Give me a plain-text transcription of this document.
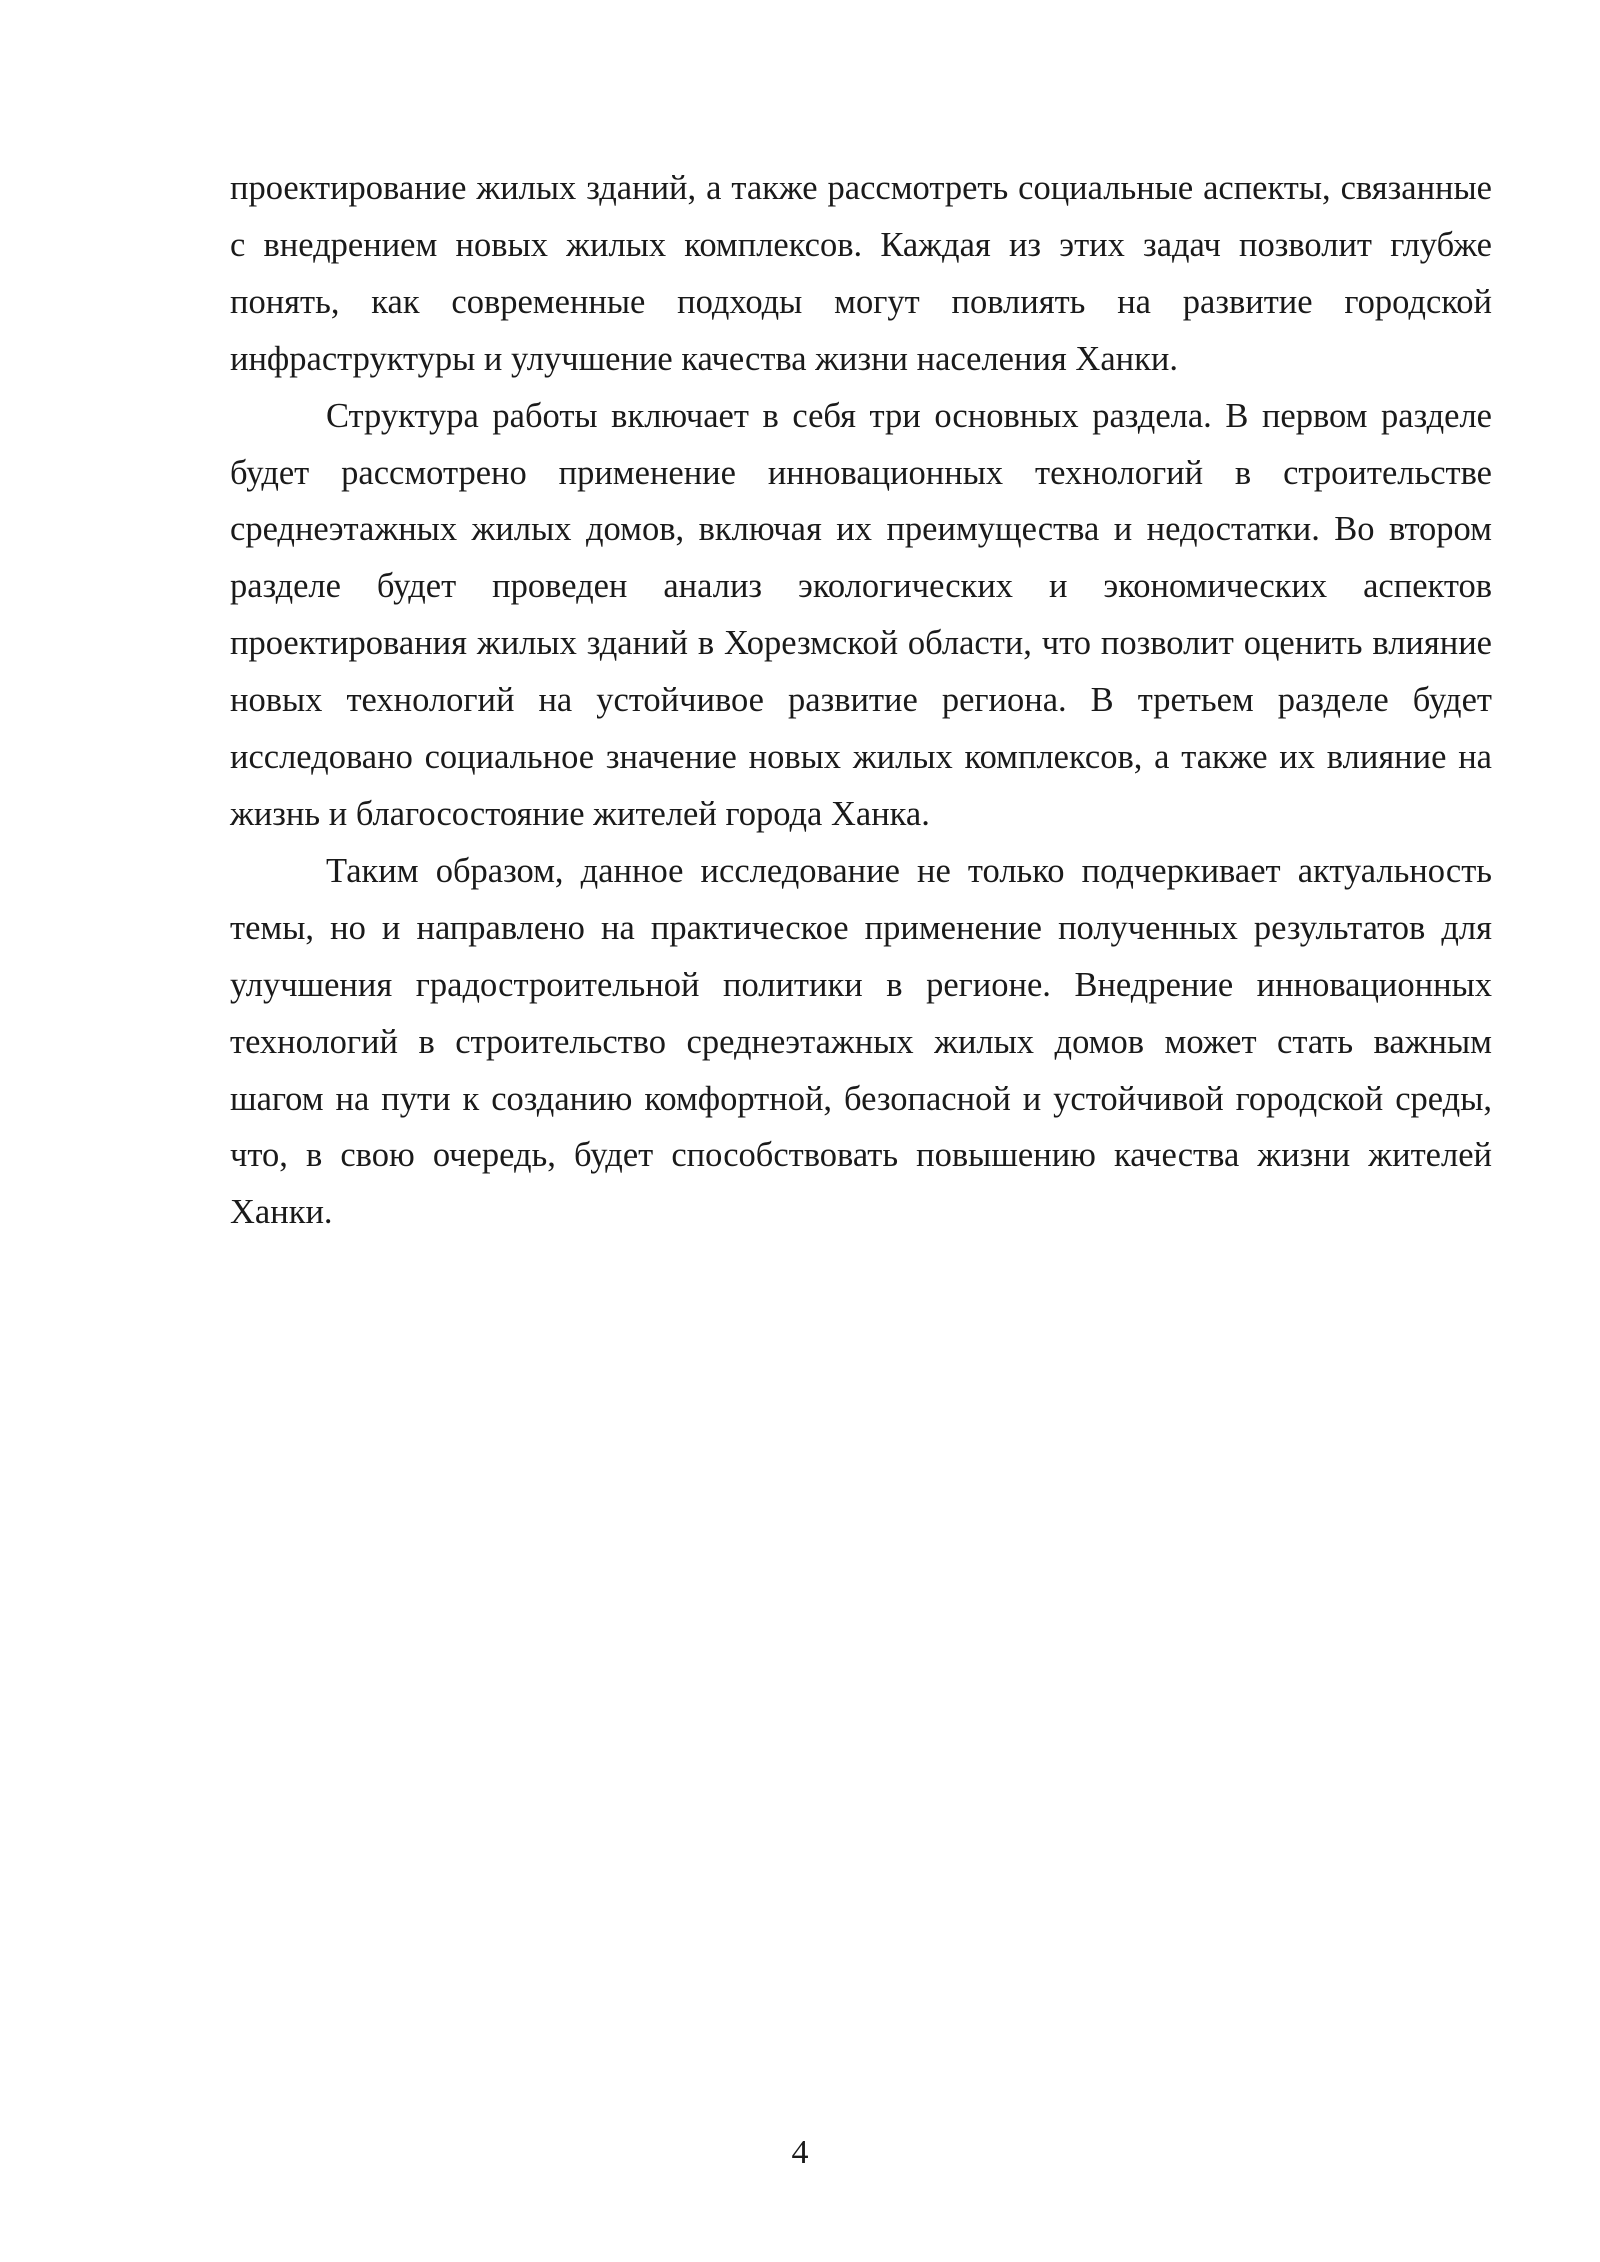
проектирование жилых зданий, а также рассмотреть социальные аспекты, связанные с внедрением новых жилых комплексов. Каждая из этих задач позволит глубже понять, как современные подходы могут повлиять на развитие городской инфраструктуры и улучшение качества жизни населения Ханки.

Структура работы включает в себя три основных раздела. В первом разделе будет рассмотрено применение инновационных технологий в строительстве среднеэтажных жилых домов, включая их преимущества и недостатки. Во втором разделе будет проведен анализ экологических и экономических аспектов проектирования жилых зданий в Хорезмской области, что позволит оценить влияние новых технологий на устойчивое развитие региона. В третьем разделе будет исследовано социальное значение новых жилых комплексов, а также их влияние на жизнь и благосостояние жителей города Ханка.

Таким образом, данное исследование не только подчеркивает актуальность темы, но и направлено на практическое применение полученных результатов для улучшения градостроительной политики в регионе. Внедрение инновационных технологий в строительство среднеэтажных жилых домов может стать важным шагом на пути к созданию комфортной, безопасной и устойчивой городской среды, что, в свою очередь, будет способствовать повышению качества жизни жителей Ханки.

4
